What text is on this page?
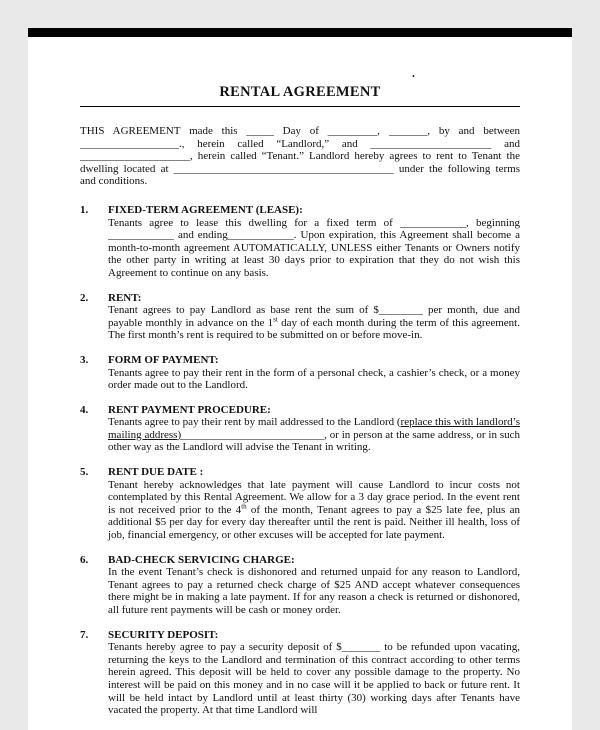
.
RENTAL AGREEMENT

THIS AGREEMENT made this _____ Day of _________, _______, by and between __________________., herein called “Landlord,” and ______________________ and ____________________, herein called “Tenant.” Landlord hereby agrees to rent to Tenant the dwelling located at ________________________________________ under the following terms and conditions.

1.	FIXED-TERM AGREEMENT (LEASE):
Tenants agree to lease this dwelling for a fixed term of ____________, beginning ____________ and ending____________. Upon expiration, this Agreement shall become a month-to-month agreement AUTOMATICALLY, UNLESS either Tenants or Owners notify the other party in writing at least 30 days prior to expiration that they do not wish this Agreement to continue on any basis.
2.	RENT:
Tenant agrees to pay Landlord as base rent the sum of $________ per month, due and payable monthly in advance on the 1st day of each month during the term of this agreement. The first month’s rent is required to be submitted on or before move-in.
3.	FORM OF PAYMENT:
Tenants agree to pay their rent in the form of a personal check, a cashier’s check, or a money order made out to the Landlord.
4.	RENT PAYMENT PROCEDURE:
Tenants agree to pay their rent by mail addressed to the Landlord (replace this with landlord’s mailing address)__________________________, or in person at the same address, or in such other way as the Landlord will advise the Tenant in writing.
5.	RENT DUE DATE :
Tenant hereby acknowledges that late payment will cause Landlord to incur costs not contemplated by this Rental Agreement. We allow for a 3 day grace period. In the event rent is not received prior to the 4th of the month, Tenant agrees to pay a $25 late fee, plus an additional $5 per day for every day thereafter until the rent is paid. Neither ill health, loss of job, financial emergency, or other excuses will be accepted for late payment.
6.	BAD-CHECK SERVICING CHARGE:
In the event Tenant’s check is dishonored and returned unpaid for any reason to Landlord, Tenant agrees to pay a returned check charge of $25 AND accept whatever consequences there might be in making a late payment. If for any reason a check is returned or dishonored, all future rent payments will be cash or money order.
7.	SECURITY DEPOSIT:
Tenants hereby agree to pay a security deposit of $_______ to be refunded upon vacating, returning the keys to the Landlord and termination of this contract according to other terms herein agreed. This deposit will be held to cover any possible damage to the property. No interest will be paid on this money and in no case will it be applied to back or future rent. It will be held intact by Landlord until at least thirty (30) working days after Tenants have vacated the property. At that time Landlord will
